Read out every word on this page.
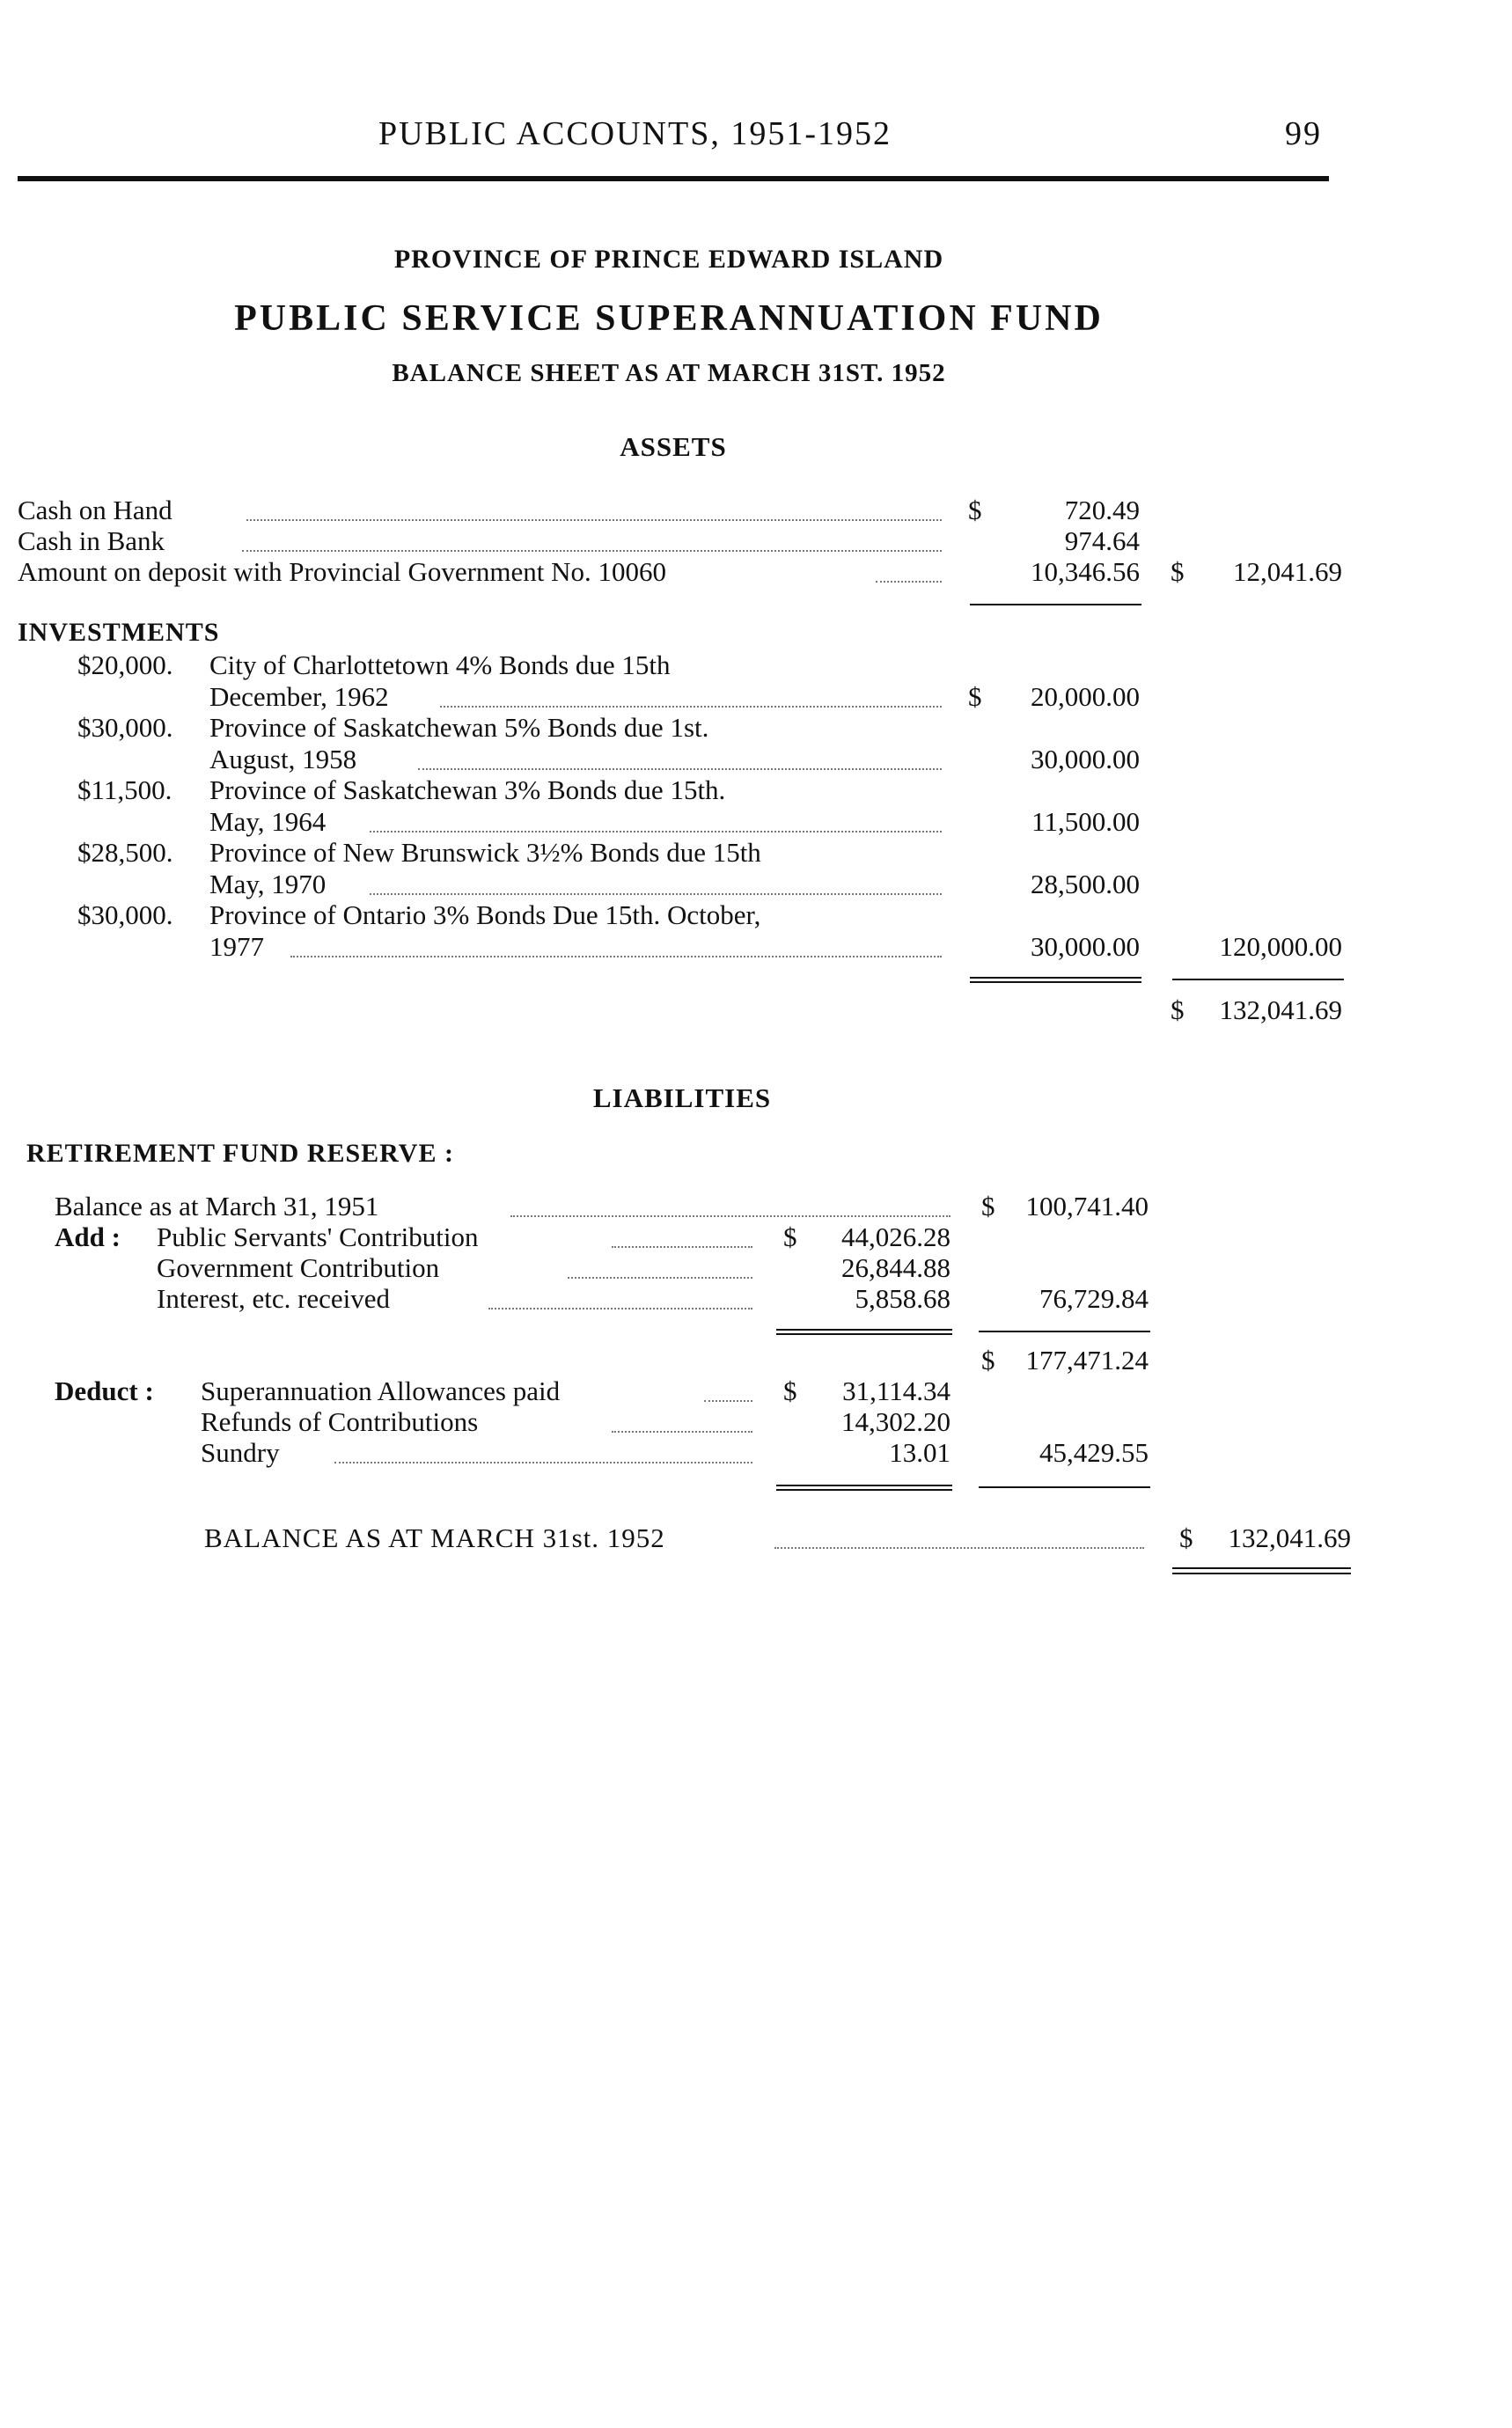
PUBLIC ACCOUNTS, 1951-1952	99
PROVINCE OF PRINCE EDWARD ISLAND
PUBLIC SERVICE SUPERANNUATION FUND
BALANCE SHEET AS AT MARCH 31ST. 1952
ASSETS
Cash on Hand	$	720.49
Cash in Bank	974.64
Amount on deposit with Provincial Government No. 10060	10,346.56 $	12,041.69
INVESTMENTS
$20,000. City of Charlottetown 4% Bonds due 15th
December, 1962	$	20,000.00
$30,000. Province of Saskatchewan 5% Bonds due 1st.
August, 1958	30,000.00
$11,500. Province of Saskatchewan 3% Bonds due 15th.
May, 1964	11,500.00
$28,500. Province of New Brunswick 3½% Bonds due 15th
May, 1970	28,500.00
$30,000. Province of Ontario 3% Bonds Due 15th. October,
1977	30,000.00	120,000.00
$	132,041.69
LIABILITIES
RETIREMENT FUND RESERVE :
Balance as at March 31, 1951	$	100,741.40
Add : Public Servants' Contribution	$	44,026.28
Government Contribution	26,844.88
Interest, etc. received	5,858.68	76,729.84
$	177,471.24
Deduct : Superannuation Allowances paid	$	31,114.34
Refunds of Contributions	14,302.20
Sundry	13.01	45,429.55
BALANCE AS AT MARCH 31st. 1952	$	132,041.69
